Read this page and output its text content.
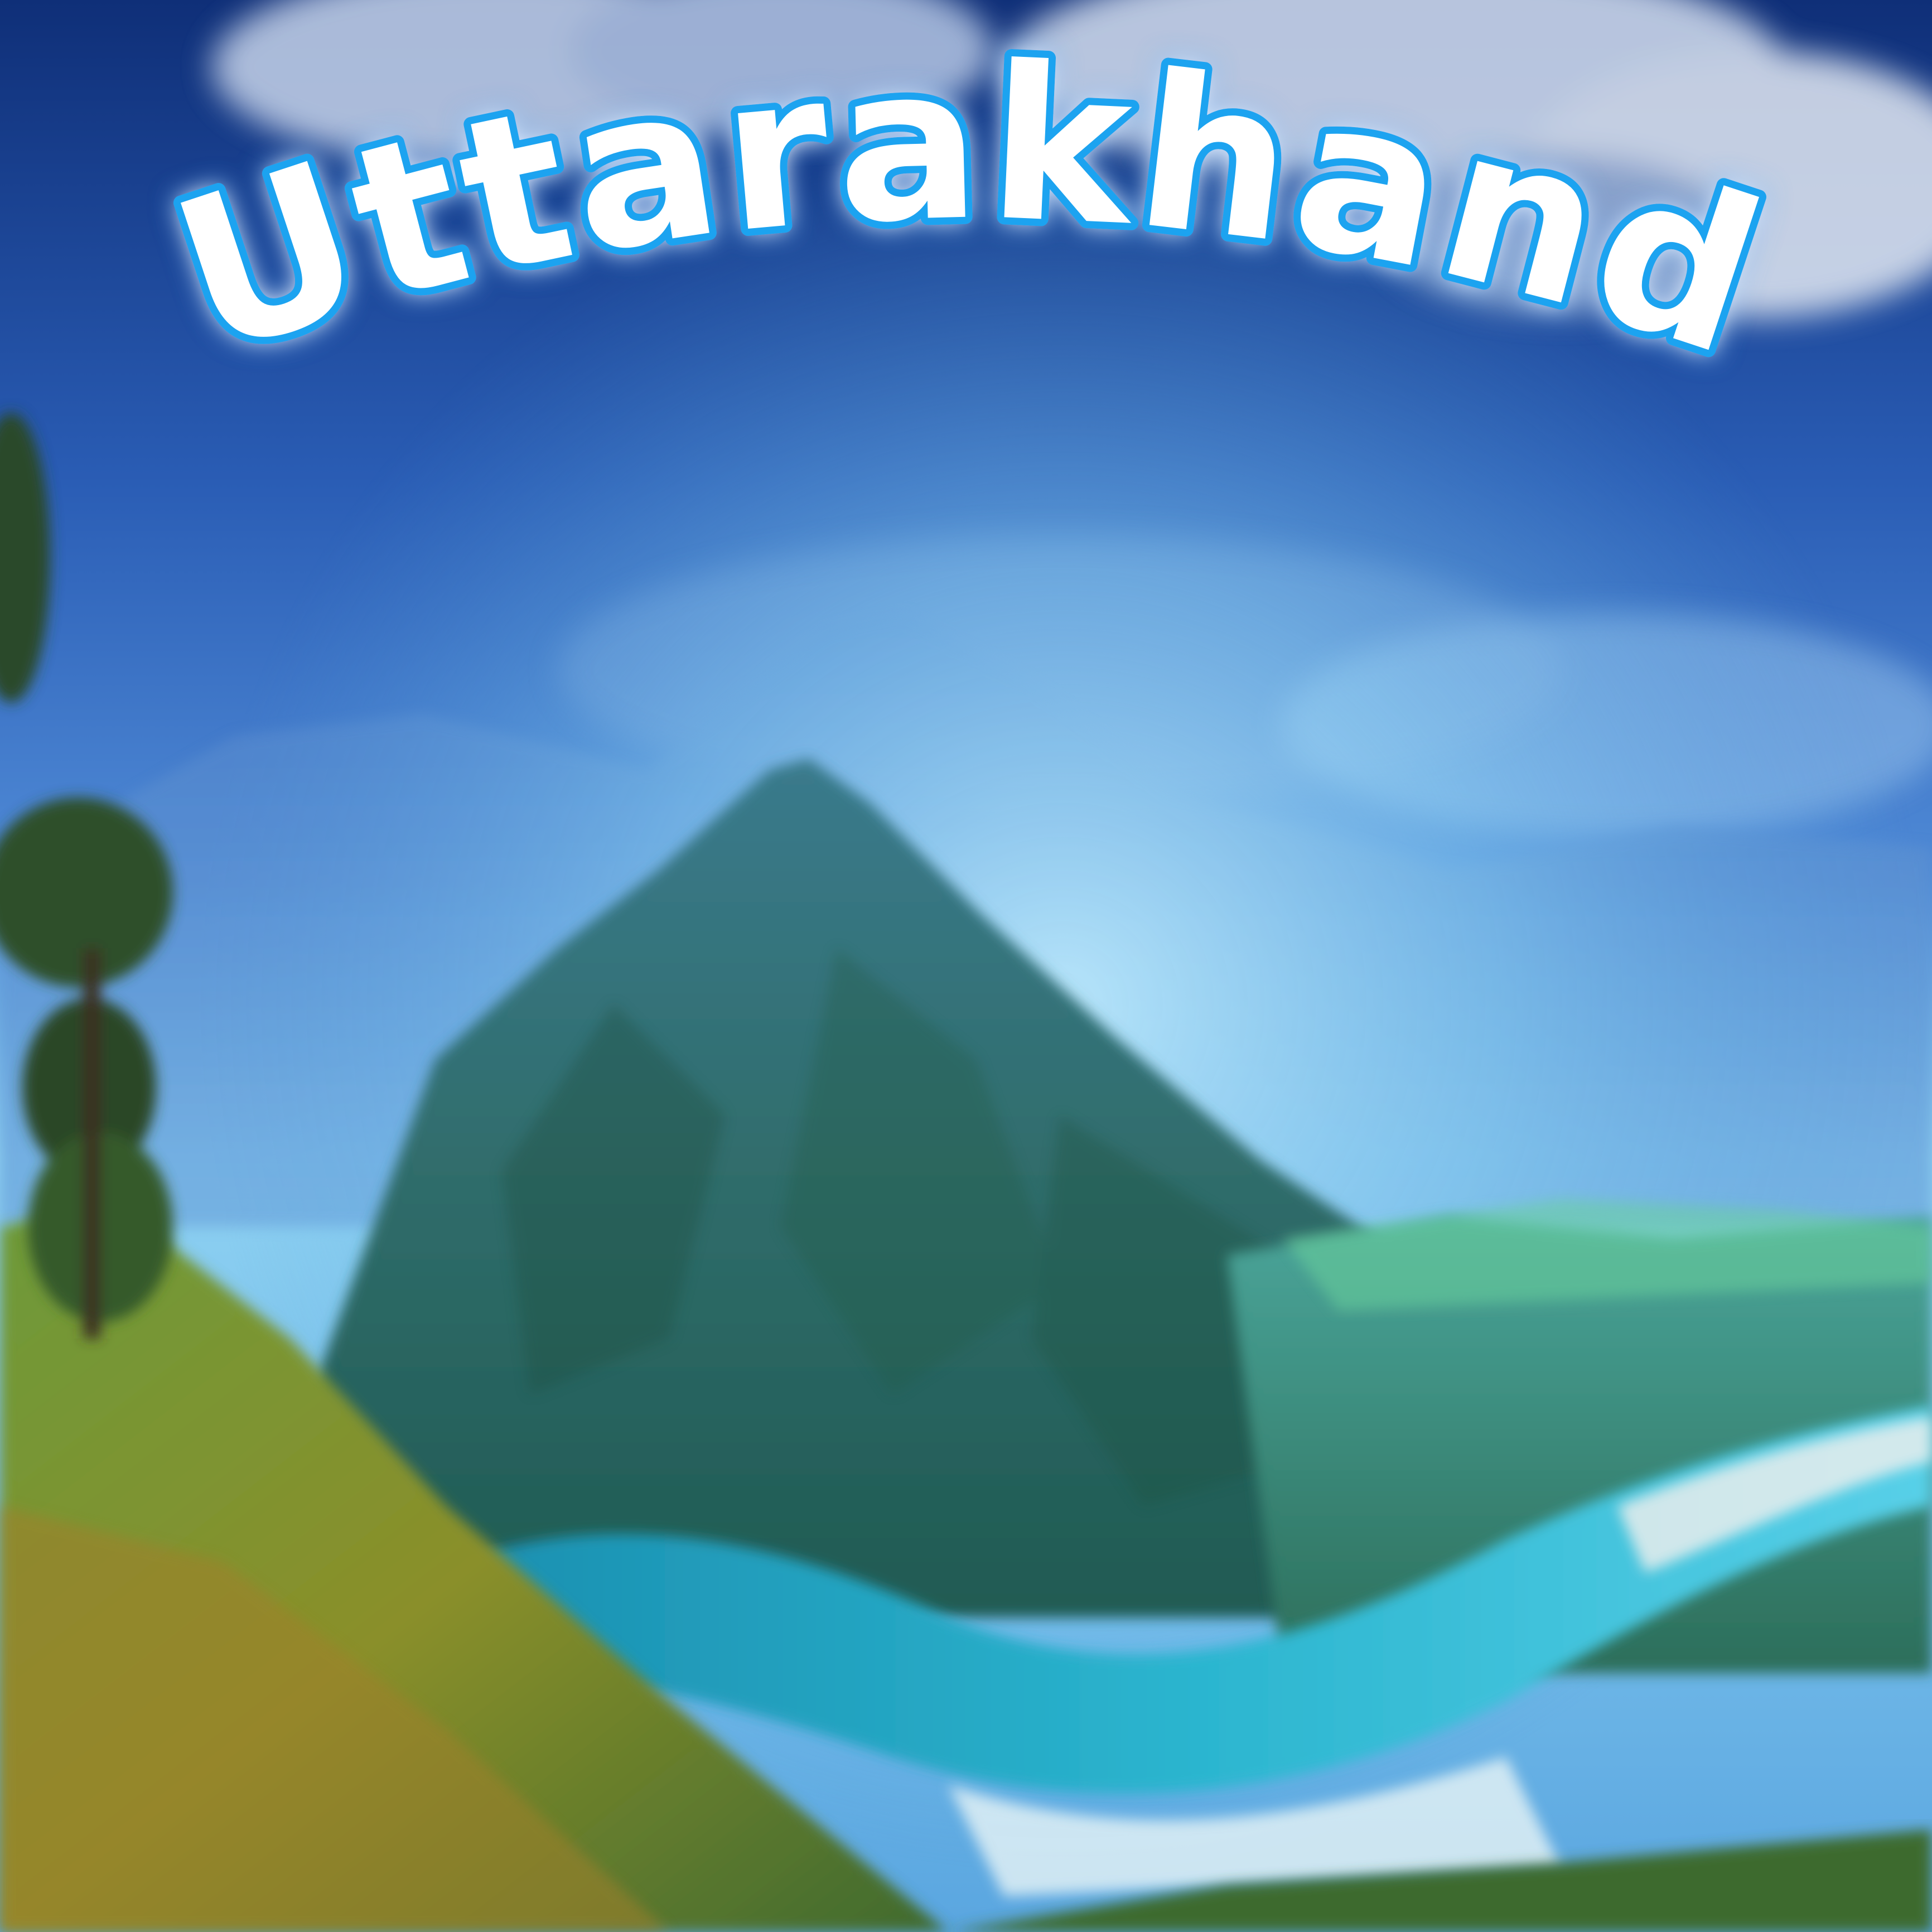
Uttarakhand
